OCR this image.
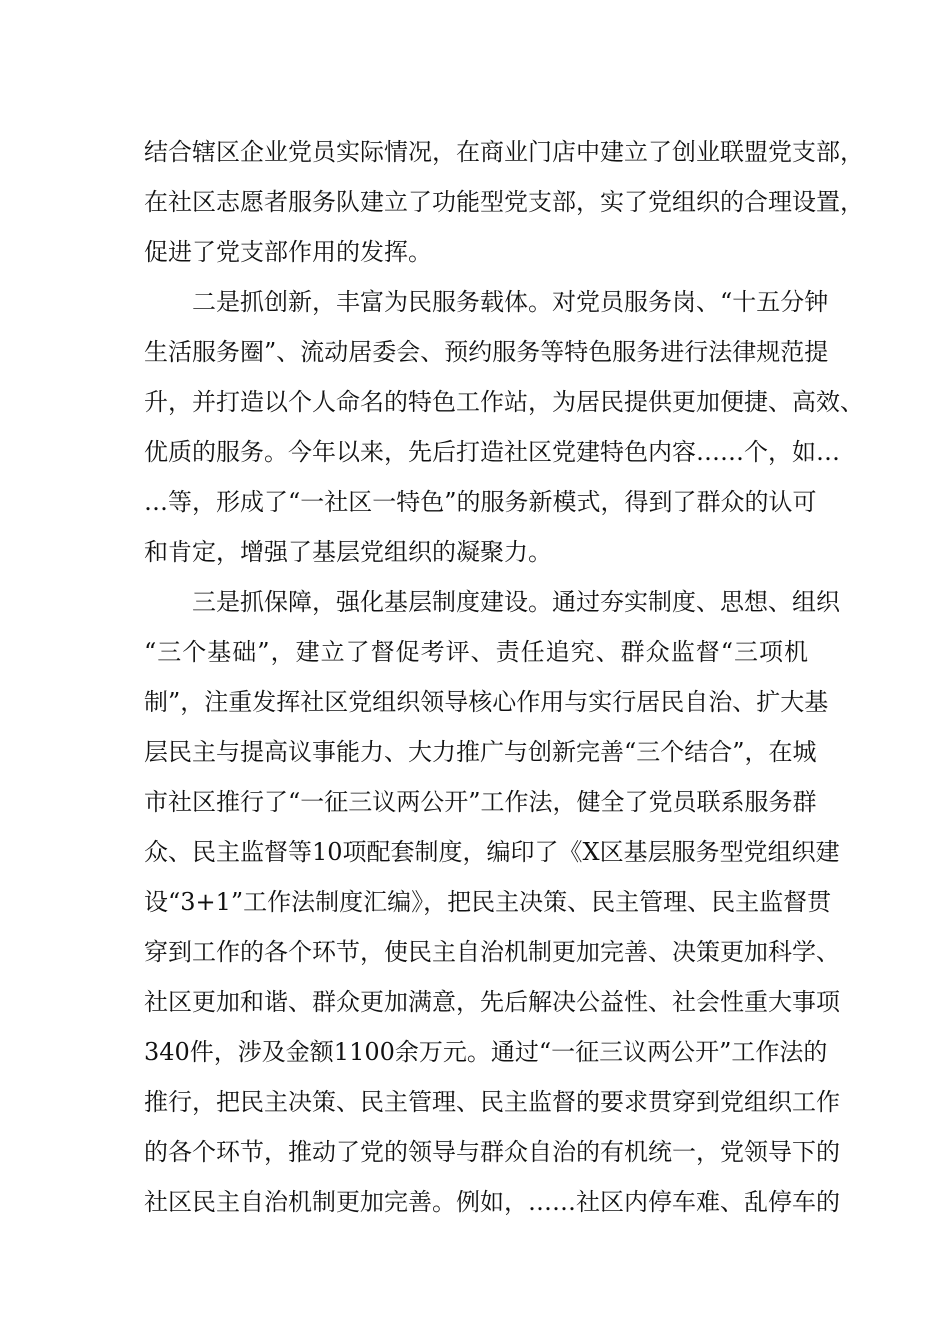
结合辖区企业党员实际情况，在商业门店中建立了创业联盟党支部，
在社区志愿者服务队建立了功能型党支部，实了党组织的合理设置，
促进了党支部作用的发挥。
二是抓创新，丰富为民服务载体。对党员服务岗、“十五分钟
生活服务圈”、流动居委会、预约服务等特色服务进行法律规范提
升，并打造以个人命名的特色工作站，为居民提供更加便捷、高效、
优质的服务。今年以来，先后打造社区党建特色内容……个，如…
…等，形成了“一社区一特色”的服务新模式，得到了群众的认可
和肯定，增强了基层党组织的凝聚力。
三是抓保障，强化基层制度建设。通过夯实制度、思想、组织
“三个基础”，建立了督促考评、责任追究、群众监督“三项机
制”，注重发挥社区党组织领导核心作用与实行居民自治、扩大基
层民主与提高议事能力、大力推广与创新完善“三个结合”，在城
市社区推行了“一征三议两公开”工作法，健全了党员联系服务群
众、民主监督等10项配套制度，编印了《X区基层服务型党组织建
设“3+1”工作法制度汇编》，把民主决策、民主管理、民主监督贯
穿到工作的各个环节，使民主自治机制更加完善、决策更加科学、
社区更加和谐、群众更加满意，先后解决公益性、社会性重大事项
340件，涉及金额1100余万元。通过“一征三议两公开”工作法的
推行，把民主决策、民主管理、民主监督的要求贯穿到党组织工作
的各个环节，推动了党的领导与群众自治的有机统一，党领导下的
社区民主自治机制更加完善。例如，……社区内停车难、乱停车的
